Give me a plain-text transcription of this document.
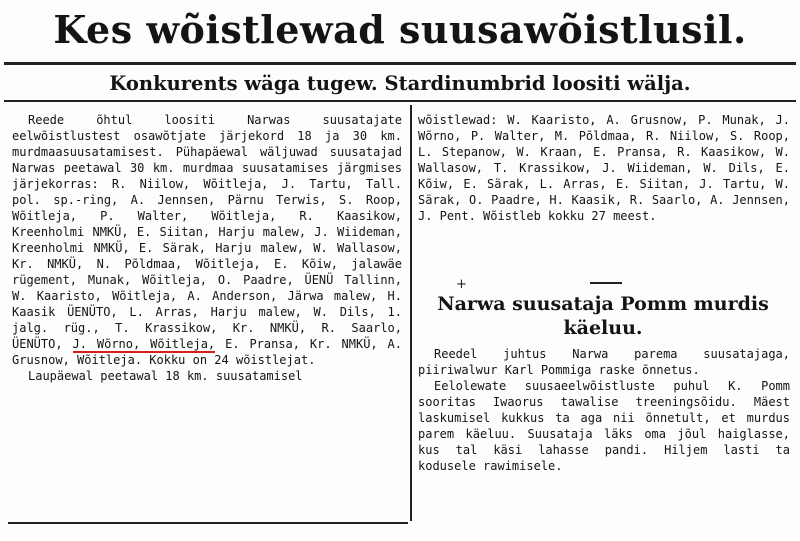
Kes wõistlewad suusawõistlusil.
Konkurents wäga tugew. Stardinumbrid loositi wälja.

Reede õhtul loositi Narwas suusatajate eelwõistlustest osawõtjate järjekord 18 ja 30 km. murdmaasuusatamisest. Pühapäewal wäljuwad suusatajad Narwas peetawal 30 km. murdmaa suusatamises järgmises järjekorras: R. Niilow, Wõitleja, J. Tartu, Tall. pol. sp.-ring, A. Jennsen, Pärnu Terwis, S. Roop, Wõitleja, P. Walter, Wõitleja, R. Kaasikow, Kreenholmi NMKÜ, E. Siitan, Harju malew, J. Wiideman, Kreenholmi NMKÜ, E. Särak, Harju malew, W. Wallasow, Kr. NMKÜ, N. Põldmaa, Wõitleja, E. Kõiw, jalawäe rügement, Munak, Wõitleja, O. Paadre, ÜENÜ Tallinn, W. Kaaristo, Wõitleja, A. Anderson, Järwa malew, H. Kaasik ÜENÜTO, L. Arras, Harju malew, W. Dils, 1. jalg. rüg., T. Krassikow, Kr. NMKÜ, R. Saarlo, ÜENÜTO, J. Wõrno, Wõitleja, E. Pransa, Kr. NMKÜ, A. Grusnow, Wõitleja. Kokku on 24 wõistlejat.

Laupäewal peetawal 18 km. suusatamisel

wõistlewad: W. Kaaristo, A. Grusnow, P. Munak, J. Wõrno, P. Walter, M. Põldmaa, R. Niilow, S. Roop, L. Stepanow, W. Kraan, E. Pransa, R. Kaasikow, W. Wallasow, T. Krassikow, J. Wiideman, W. Dils, E. Kõiw, E. Särak, L. Arras, E. Siitan, J. Tartu, W. Särak, O. Paadre, H. Kaasik, R. Saarlo, A. Jennsen, J. Pent. Wõistleb kokku 27 meest.

+
Narwa suusataja Pomm murdis käeluu.

Reedel juhtus Narwa parema suusatajaga, piiriwalwur Karl Pommiga raske õnnetus.

Eelolewate suusaeelwõistluste puhul K. Pomm sooritas Iwaorus tawalise treeningsõidu. Mäest laskumisel kukkus ta aga nii õnnetult, et murdus parem käeluu. Suusataja läks oma jõul haiglasse, kus tal käsi lahasse pandi. Hiljem lasti ta kodusele rawimisele.
